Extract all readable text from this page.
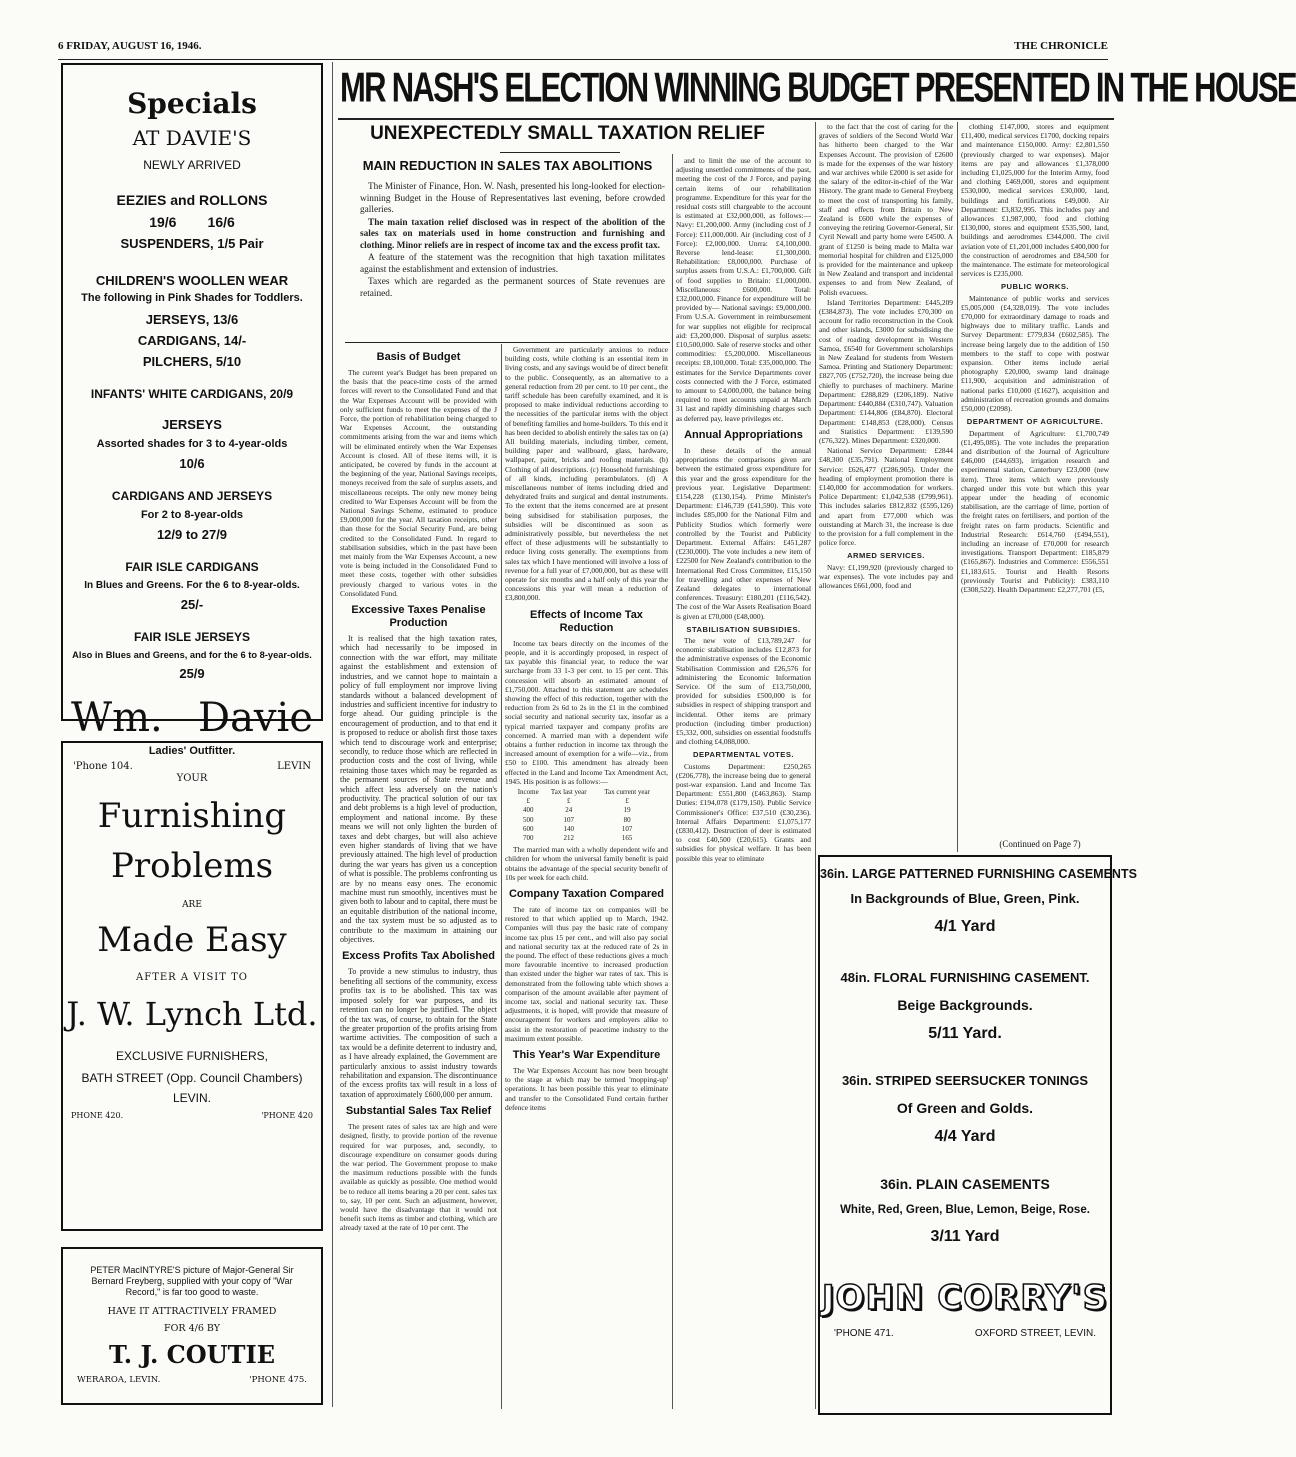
6 FRIDAY, AUGUST 16, 1946.	THE CHRONICLE
Specials
AT DAVIE'S
NEWLY ARRIVED
EEZIES and ROLLONS
19/6        16/6
SUSPENDERS, 1/5 Pair
CHILDREN'S WOOLLEN WEAR
The following in Pink Shades for Toddlers.
JERSEYS, 13/6
CARDIGANS, 14/-
PILCHERS, 5/10
INFANTS' WHITE CARDIGANS, 20/9
JERSEYS
Assorted shades for 3 to 4-year-olds
10/6
CARDIGANS AND JERSEYS
For 2 to 8-year-olds
12/9 to 27/9
FAIR ISLE CARDIGANS
In Blues and Greens. For the 6 to 8-year-olds.
25/-
FAIR ISLE JERSEYS
Also in Blues and Greens, and for the 6 to 8-year-olds.
25/9
Wm. Davie
Ladies' Outfitter.
'Phone 104.	LEVIN
YOUR
Furnishing
Problems
ARE
Made Easy
AFTER A VISIT TO
J. W. Lynch Ltd.
EXCLUSIVE FURNISHERS,
BATH STREET (Opp. Council Chambers)
LEVIN.
PHONE 420.	'PHONE 420
PETER MacINTYRE'S picture of Major-General Sir Bernard Freyberg, supplied with your copy of "War Record," is far too good to waste.
HAVE IT ATTRACTIVELY FRAMED
FOR 4/6 BY
T. J. COUTIE
WERAROA, LEVIN.	'PHONE 475.
MR NASH'S ELECTION WINNING BUDGET PRESENTED IN THE HOUSE
UNEXPECTEDLY SMALL TAXATION RELIEF
MAIN REDUCTION IN SALES TAX ABOLITIONS

The Minister of Finance, Hon. W. Nash, presented his long-looked for election-winning Budget in the House of Representatives last evening, before crowded galleries.

The main taxation relief disclosed was in respect of the abolition of the sales tax on materials used in home construction and furnishing and clothing. Minor reliefs are in respect of income tax and the excess profit tax.

A feature of the statement was the recognition that high taxation militates against the establishment and extension of industries.

Taxes which are regarded as the permanent sources of State revenues are retained.

Basis of Budget

The current year's Budget has been prepared on the basis that the peace-time costs of the armed forces will revert to the Consolidated Fund and that the War Expenses Account will be provided with only sufficient funds to meet the expenses of the J Force, the portion of rehabilitation being charged to War Expenses Account, the outstanding commitments arising from the war and items which will be eliminated entirely when the War Expenses Account is closed. All of these items will, it is anticipated, be covered by funds in the account at the beginning of the year, National Savings receipts, moneys received from the sale of surplus assets, and miscellaneous receipts. The only new money being credited to War Expenses Account will be from the National Savings Scheme, estimated to produce £9,000,000 for the year. All taxation receipts, other than those for the Social Security Fund, are being credited to the Consolidated Fund. In regard to stabilisation subsidies, which in the past have been met mainly from the War Expenses Account, a new vote is being included in the Consolidated Fund to meet these costs, together with other subsidies previously charged to various votes in the Consolidated Fund.

Excessive Taxes Penalise Production

It is realised that the high taxation rates, which had necessarily to be imposed in connection with the war effort, may militate against the establishment and extension of industries, and we cannot hope to maintain a policy of full employment nor improve living standards without a balanced development of industries and sufficient incentive for industry to forge ahead. Our guiding principle is the encouragement of production, and to that end it is proposed to reduce or abolish first those taxes which tend to discourage work and enterprise; secondly, to reduce those which are reflected in production costs and the cost of living, while retaining those taxes which may be regarded as the permanent sources of State revenue and which affect less adversely on the nation's productivity. The practical solution of our tax and debt problems is a high level of production, employment and national income. By these means we will not only lighten the burden of taxes and debt charges, but will also achieve even higher standards of living that we have previously attained. The high level of production during the war years has given us a conception of what is possible. The problems confronting us are by no means easy ones. The economic machine must run smoothly, incentives must be given both to labour and to capital, there must be an equitable distribution of the national income, and the tax system must be so adjusted as to contribute to the maximum in attaining our objectives.

Excess Profits Tax Abolished

To provide a new stimulus to industry, thus benefiting all sections of the community, excess profits tax is to be abolished. This tax was imposed solely for war purposes, and its retention can no longer be justified. The object of the tax was, of course, to obtain for the State the greater proportion of the profits arising from wartime activities. The composition of such a tax would be a definite deterrent to industry and, as I have already explained, the Government are particularly anxious to assist industry towards rehabilitation and expansion. The discontinuance of the excess profits tax will result in a loss of taxation of approximately £600,000 per annum.

Substantial Sales Tax Relief

The present rates of sales tax are high and were designed, firstly, to provide portion of the revenue required for war purposes, and, secondly, to discourage expenditure on consumer goods during the war period. The Government propose to make the maximum reductions possible with the funds available as quickly as possible. One method would be to reduce all items bearing a 20 per cent. sales tax to, say, 10 per cent. Such an adjustment, however, would have the disadvantage that it would not benefit such items as timber and clothing, which are already taxed at the rate of 10 per cent. The

Government are particularly anxious to reduce building costs, while clothing is an essential item in living costs, and any savings would be of direct benefit to the public. Consequently, as an alternative to a general reduction from 20 per cent. to 10 per cent., the tariff schedule has been carefully examined, and it is proposed to make individual reductions according to the necessities of the particular items with the object of benefiting families and home-builders. To this end it has been decided to abolish entirely the sales tax on (a) All building materials, including timber, cement, building paper and wallboard, glass, hardware, wallpaper, paint, bricks and roofing materials. (b) Clothing of all descriptions. (c) Household furnishings of all kinds, including perambulators. (d) A miscellaneous number of items including dried and dehydrated fruits and surgical and dental instruments. To the extent that the items concerned are at present being subsidised for stabilisation purposes, the subsidies will be discontinued as soon as administratively possible, but nevertheless the net effect of these adjustments will be substantially to reduce living costs generally. The exemptions from sales tax which I have mentioned will involve a loss of revenue for a full year of £7,000,000, but as these will operate for six months and a half only of this year the concessions this year will mean a reduction of £3,800,000.

Effects of Income Tax Reduction

Income tax bears directly on the incomes of the people, and it is accordingly proposed, in respect of tax payable this financial year, to reduce the war surcharge from 33 1-3 per cent. to 15 per cent. This concession will absorb an estimated amount of £1,750,000. Attached to this statement are schedules showing the effect of this reduction, together with the reduction from 2s 6d to 2s in the £1 in the combined social security and national security tax, insofar as a typical married taxpayer and company profits are concerned. A married man with a dependent wife obtains a further reduction in income tax through the increased amount of exemption for a wife—viz., from £50 to £100. This amendment has already been effected in the Land and Income Tax Amendment Act, 1945. His position is as follows:—

Income	Tax last year	Tax current year
£	£	£
400	24	19
500	107	80
600	140	107
700	212	165

The married man with a wholly dependent wife and children for whom the universal family benefit is paid obtains the advantage of the special security benefit of 10s per week for each child.

Company Taxation Compared

The rate of income tax on companies will be restored to that which applied up to March, 1942. Companies will thus pay the basic rate of company income tax plus 15 per cent., and will also pay social and national security tax at the reduced rate of 2s in the pound. The effect of these reductions gives a much more favourable incentive to increased production than existed under the higher war rates of tax. This is demonstrated from the following table which shows a comparison of the amount available after payment of income tax, social and national security tax. These adjustments, it is hoped, will provide that measure of encouragement for workers and employers alike to assist in the restoration of peacetime industry to the maximum extent possible.

This Year's War Expenditure

The War Expenses Account has now been brought to the stage at which may be termed 'mopping-up' operations. It has been possible this year to eliminate and transfer to the Consolidated Fund certain further defence items

and to limit the use of the account to adjusting unsettled commitments of the past, meeting the cost of the J Force, and paying certain items of our rehabilitation programme. Expenditure for this year for the residual costs still chargeable to the account is estimated at £32,000,000, as follows:— Navy: £1,200,000. Army (including cost of J Force): £11,000,000. Air (including cost of J Force): £2,000,000. Unrra: £4,100,000. Reverse lend-lease: £1,300,000. Rehabilitation: £8,000,000. Purchase of surplus assets from U.S.A.: £1,700,000. Gift of food supplies to Britain: £1,000,000. Miscellaneous: £600,000. Total: £32,000,000. Finance for expenditure will be provided by— National savings: £9,000,000. From U.S.A. Government in reimbursement for war supplies not eligible for reciprocal aid: £3,200,000. Disposal of surplus assets: £10,500,000. Sale of reserve stocks and other commodities: £5,200,000. Miscellaneous receipts: £8,100,000. Total: £35,000,000. The estimates for the Service Departments cover costs connected with the J Force, estimated to amount to £4,000,000, the balance being required to meet accounts unpaid at March 31 last and rapidly diminishing charges such as deferred pay, leave privileges etc.

Annual Appropriations

In these details of the annual appropriations the comparisons given are between the estimated gross expenditure for this year and the gross expenditure for the previous year. Legislative Department: £154,228 (£130,154). Prime Minister's Department: £146,739 (£41,590). This vote includes £85,000 for the National Film and Publicity Studios which formerly were controlled by the Tourist and Publicity Department. External Affairs: £451,287 (£230,000). The vote includes a new item of £22500 for New Zealand's contribution to the International Red Cross Committee, £15,150 for travelling and other expenses of New Zealand delegates to international conferences. Treasury: £180,201 (£116,542). The cost of the War Assets Realisation Board is given at £70,000 (£48,000).

STABILISATION SUBSIDIES.

The new vote of £13,789,247 for economic stabilisation includes £12,873 for the administrative expenses of the Economic Stabilisation Commission and £26,576 for administering the Economic Information Service. Of the sum of £13,750,000, provided for subsidies £500,000 is for subsidies in respect of shipping transport and incidental. Other items are primary production (including timber production) £5,332, 000, subsidies on essential foodstuffs and clothing £4,088,000.

DEPARTMENTAL VOTES.

Customs Department: £250,265 (£206,778), the increase being due to general post-war expansion. Land and Income Tax Department: £551,800 (£463,863). Stamp Duties: £194,078 (£179,150). Public Service Commissioner's Office: £37,510 (£30,236). Internal Affairs Department: £1,075,177 (£830,412). Destruction of deer is estimated to cost £40,500 (£20,615). Grants and subsidies for physical welfare. It has been possible this year to eliminate

to the fact that the cost of caring for the graves of soldiers of the Second World War has hitherto been charged to the War Expenses Account. The provision of £2600 is made for the expenses of the war history and war archives while £2000 is set aside for the salary of the editor-in-chief of the War History. The grant made to General Freyberg to meet the cost of transporting his family, staff and effects from Britain to New Zealand is £600 while the expenses of conveying the retiring Governor-General, Sir Cyril Newall and party home were £4500. A grant of £1250 is being made to Malta war memorial hospital for children and £125,000 is provided for the maintenance and upkeep in New Zealand and transport and incidental expenses to and from New Zealand, of Polish evacuees.

Island Territories Department: £445,209 (£384,873). The vote includes £70,300 on account for radio reconstruction in the Cook and other islands, £3000 for subsidising the cost of roading development in Western Samoa, £6540 for Government scholarships in New Zealand for students from Western Samoa. Printing and Stationery Department: £827,705 (£752,720), the increase being due chiefly to purchases of machinery. Marine Department: £288,829 (£206,189). Native Department: £440,884 (£310,747). Valuation Department: £144,806 (£84,870). Electoral Department: £148,853 (£28,000). Census and Statistics Department: £139,590 (£76,322). Mines Department: £320,000.

National Service Department: £2844 £48,300 (£35,791). National Employment Service: £626,477 (£286,905). Under the heading of employment promotion there is £140,000 for accommodation for workers. Police Department: £1,042,538 (£799,961). This includes salaries £812,832 (£595,126) and apart from £77,000 which was outstanding at March 31, the increase is due to the provision for a full complement in the police force.

ARMED SERVICES.

Navy: £1,199,920 (previously charged to war expenses). The vote includes pay and allowances £661,000, food and

clothing £147,000, stores and equipment £11,400, medical services £1700, docking repairs and maintenance £150,000. Army: £2,801,550 (previously charged to war expenses). Major items are pay and allowances £1,378,000 including £1,025,000 for the Interim Army, food and clothing £469,000, stores and equipment £530,000, medical services £30,000, land, buildings and fortifications £49,000. Air Department: £3,832,995. This includes pay and allowances £1,987,000, food and clothing £130,000, stores and equipment £535,500, land, buildings and aerodromes £344,000. The civil aviation vote of £1,201,000 includes £400,000 for the construction of aerodromes and £84,500 for the maintenance. The estimate for meteorological services is £235,000.

PUBLIC WORKS.

Maintenance of public works and services £5,005,000 (£4,328,019). The vote includes £70,000 for extraordinary damage to roads and highways due to military traffic. Lands and Survey Department: £779,834 (£602,585). The increase being largely due to the addition of 150 members to the staff to cope with postwar expansion. Other items include aerial photography £20,000, swamp land drainage £11,900, acquisition and administration of national parks £10,000 (£1627), acquisition and administration of recreation grounds and domains £50,000 (£2098).

DEPARTMENT OF AGRICULTURE.

Department of Agriculture: £1,700,749 (£1,495,085). The vote includes the preparation and distribution of the Journal of Agriculture £46,000 (£44,693), irrigation research and experimental station, Canterbury £23,000 (new item). Three items which were previously charged under this vote but which this year appear under the heading of economic stabilisation, are the carriage of lime, portion of the freight rates on fertilisers, and portion of the freight rates on farm products. Scientific and Industrial Research: £614,760 (£494,551), including an increase of £70,000 for research investigations. Transport Department: £185,879 (£165,867). Industries and Commerce: £556,551 £1,183,615. Tourist and Health Resorts (previously Tourist and Publicity): £383,110 (£308,522). Health Department: £2,277,701 (£5,

(Continued on Page 7)
36in. LARGE PATTERNED FURNISHING CASEMENTS
In Backgrounds of Blue, Green, Pink.
4/1 Yard
48in. FLORAL FURNISHING CASEMENT.
Beige Backgrounds.
5/11 Yard.
36in. STRIPED SEERSUCKER TONINGS
Of Green and Golds.
4/4 Yard
36in. PLAIN CASEMENTS
White, Red, Green, Blue, Lemon, Beige, Rose.
3/11 Yard
JOHN CORRY'S
'PHONE 471.	OXFORD STREET, LEVIN.
